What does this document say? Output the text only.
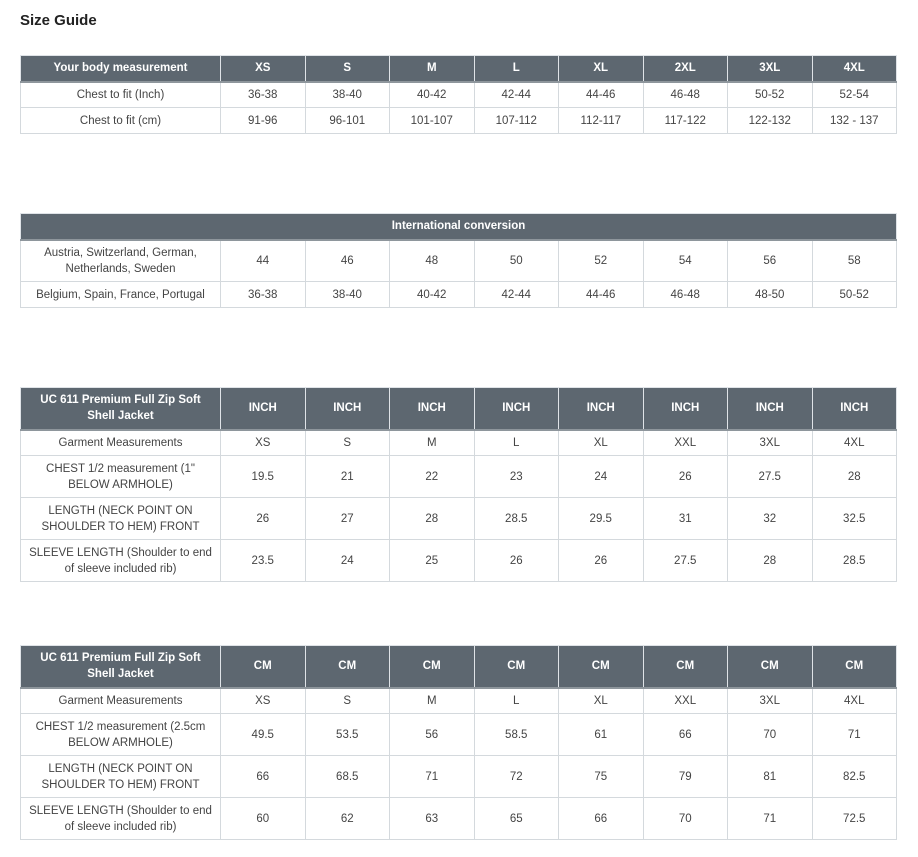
Size Guide
Your body measurement	XS	S	M	L	XL	2XL	3XL	4XL
Chest to fit (Inch)	36-38	38-40	40-42	42-44	44-46	46-48	50-52	52-54
Chest to fit (cm)	91-96	96-101	101-107	107-112	112-117	117-122	122-132	132 - 137
International conversion								
Austria, Switzerland, German, Netherlands, Sweden	44	46	48	50	52	54	56	58
Belgium, Spain, France, Portugal	36-38	38-40	40-42	42-44	44-46	46-48	48-50	50-52
UC 611 Premium Full Zip Soft Shell Jacket	INCH	INCH	INCH	INCH	INCH	INCH	INCH	INCH
Garment Measurements	XS	S	M	L	XL	XXL	3XL	4XL
CHEST 1/2 measurement (1" BELOW ARMHOLE)	19.5	21	22	23	24	26	27.5	28
LENGTH (NECK POINT ON SHOULDER TO HEM) FRONT	26	27	28	28.5	29.5	31	32	32.5
SLEEVE LENGTH (Shoulder to end of sleeve included rib)	23.5	24	25	26	26	27.5	28	28.5
UC 611 Premium Full Zip Soft Shell Jacket	CM	CM	CM	CM	CM	CM	CM	CM
Garment Measurements	XS	S	M	L	XL	XXL	3XL	4XL
CHEST 1/2 measurement (2.5cm BELOW ARMHOLE)	49.5	53.5	56	58.5	61	66	70	71
LENGTH (NECK POINT ON SHOULDER TO HEM) FRONT	66	68.5	71	72	75	79	81	82.5
SLEEVE LENGTH (Shoulder to end of sleeve included rib)	60	62	63	65	66	70	71	72.5
